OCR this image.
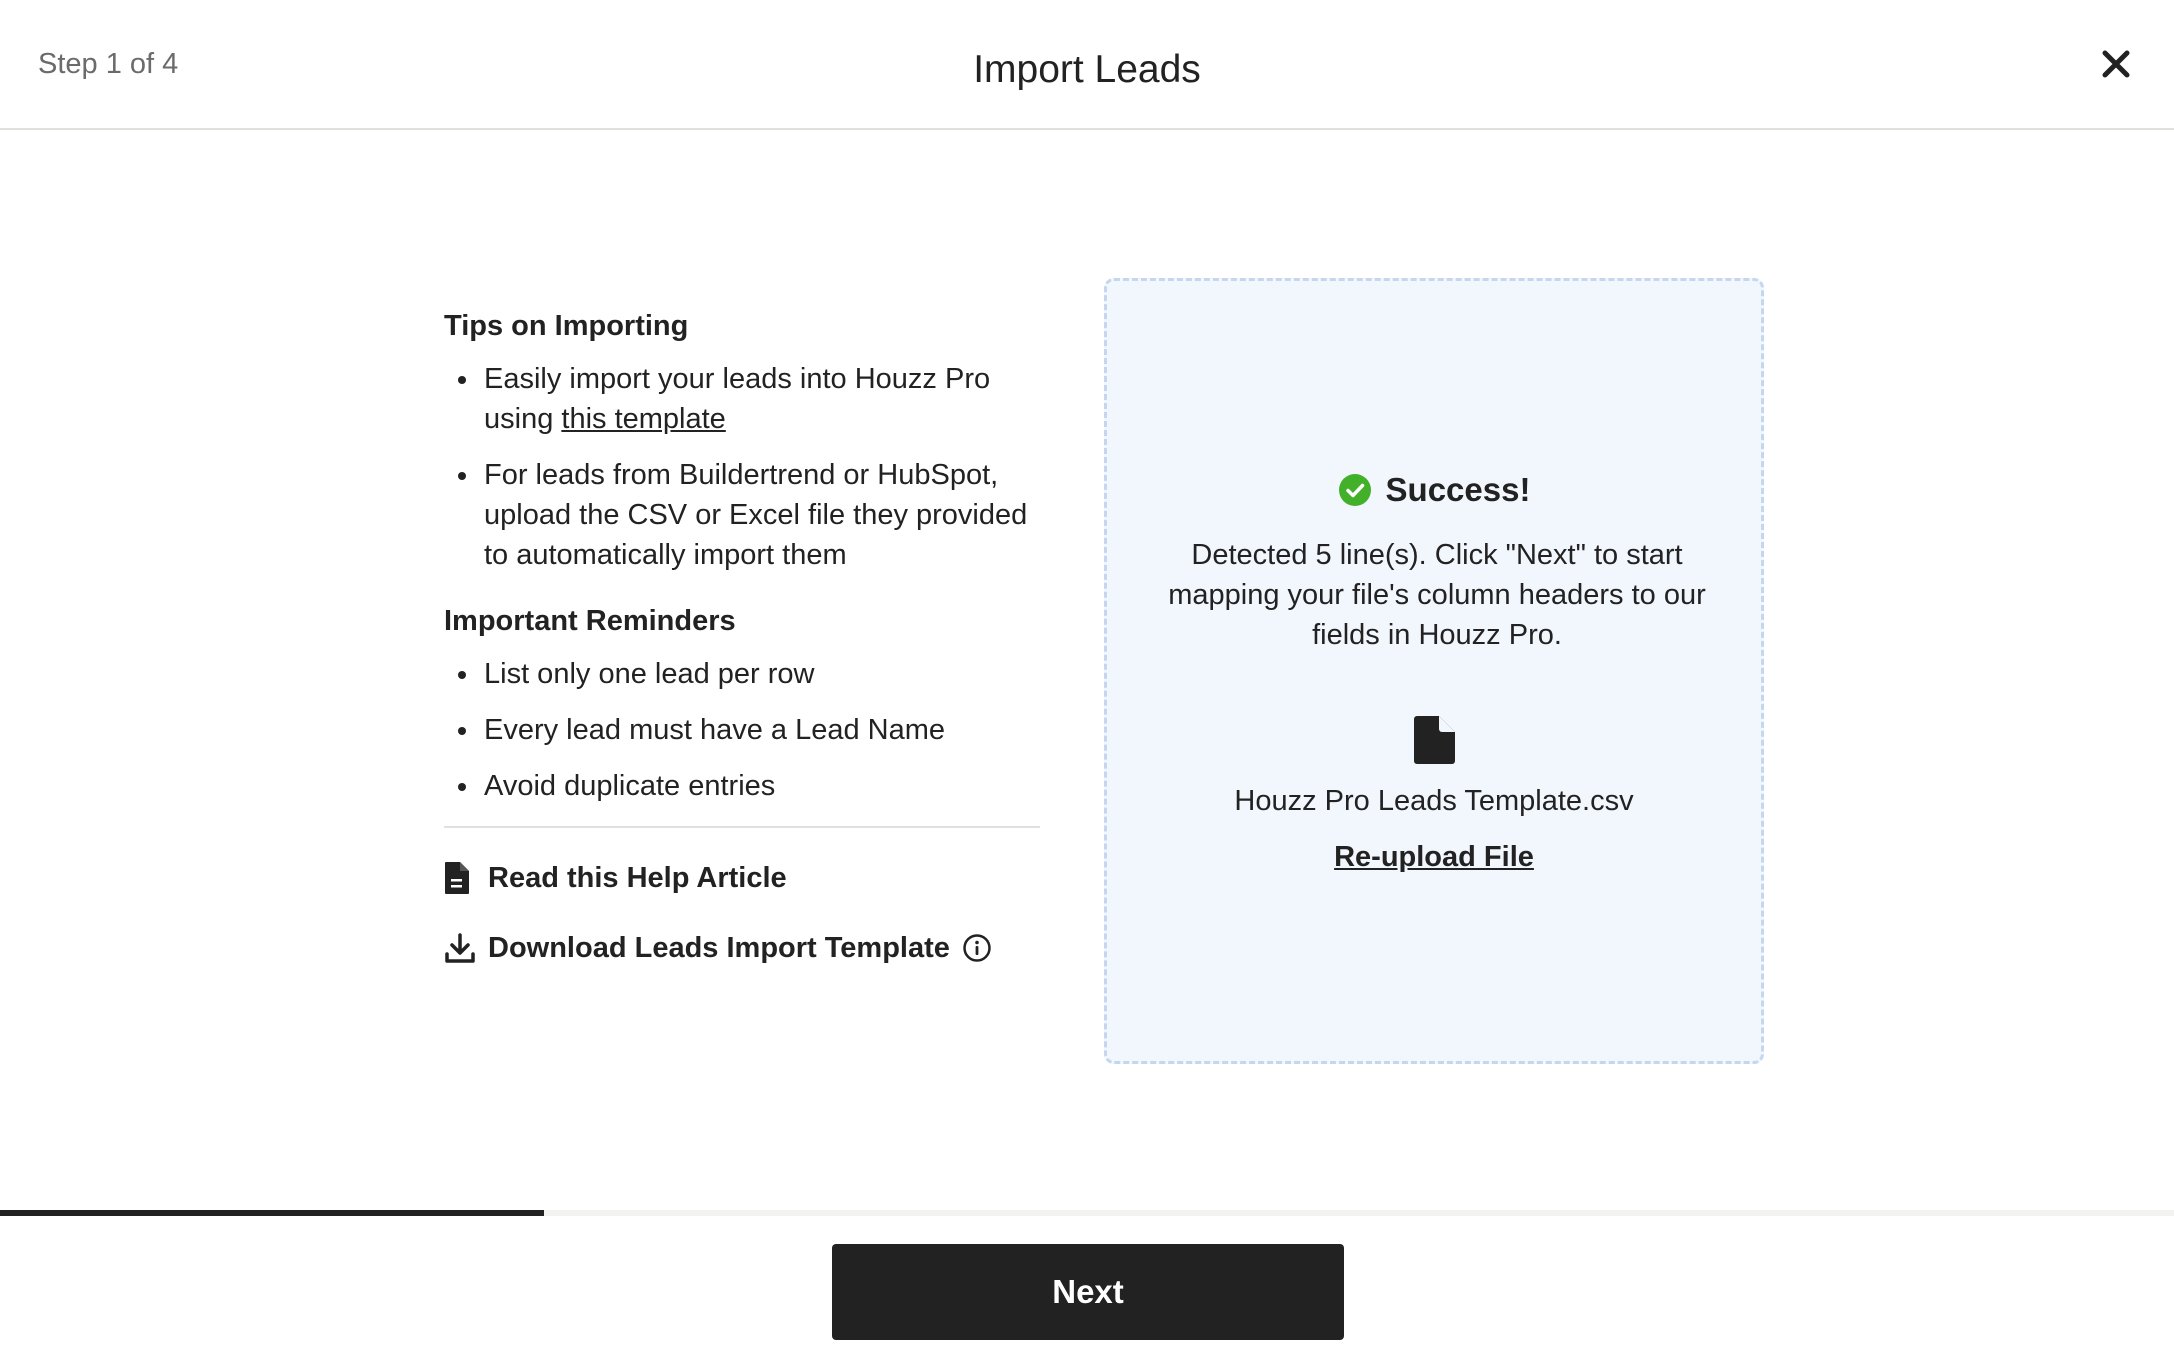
Step 1 of 4	Import Leads
Tips on Importing
Easily import your leads into Houzz Pro using this template
For leads from Buildertrend or HubSpot, upload the CSV or Excel file they provided to automatically import them
Important Reminders
List only one lead per row
Every lead must have a Lead Name
Avoid duplicate entries
Read this Help Article
Download Leads Import Template
Success!
Detected 5 line(s). Click "Next" to start mapping your file's column headers to our fields in Houzz Pro.
Houzz Pro Leads Template.csv
Re-upload File
Next
